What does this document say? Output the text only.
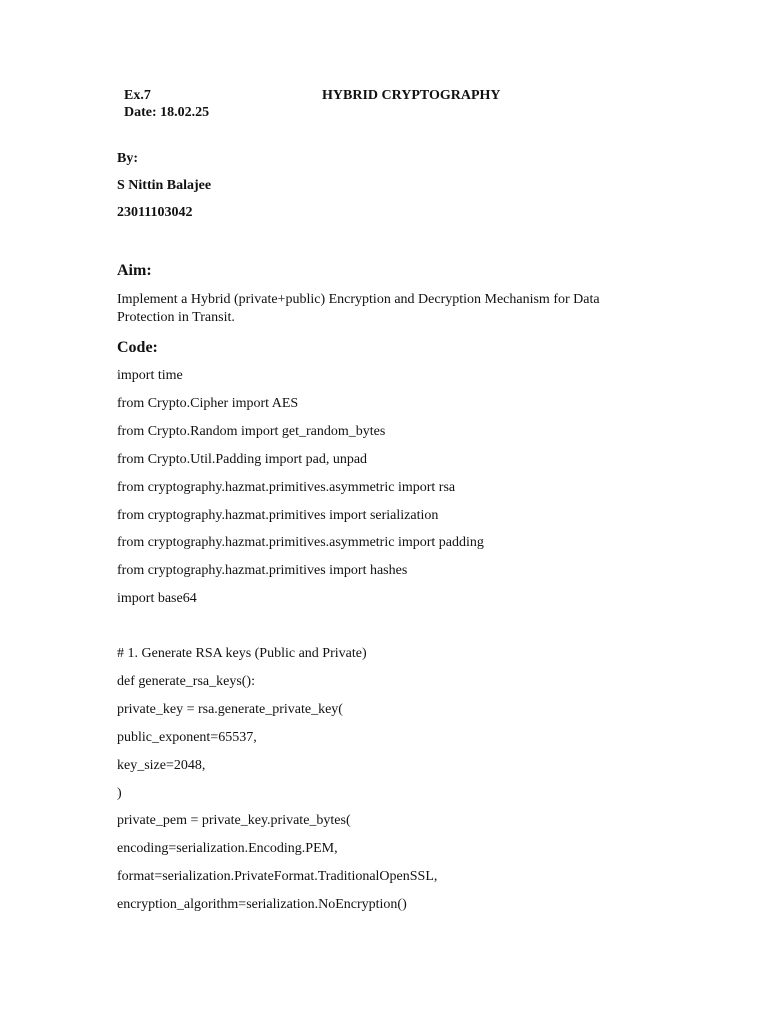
Ex.7
Date: 18.02.25
HYBRID CRYPTOGRAPHY
By:
S Nittin Balajee
23011103042
Aim:
Implement a Hybrid (private+public) Encryption and Decryption Mechanism for Data Protection in Transit.
Code:
import time
from Crypto.Cipher import AES
from Crypto.Random import get_random_bytes
from Crypto.Util.Padding import pad, unpad
from cryptography.hazmat.primitives.asymmetric import rsa
from cryptography.hazmat.primitives import serialization
from cryptography.hazmat.primitives.asymmetric import padding
from cryptography.hazmat.primitives import hashes
import base64
# 1. Generate RSA keys (Public and Private)
def generate_rsa_keys():
private_key = rsa.generate_private_key(
public_exponent=65537,
key_size=2048,
)
private_pem = private_key.private_bytes(
encoding=serialization.Encoding.PEM,
format=serialization.PrivateFormat.TraditionalOpenSSL,
encryption_algorithm=serialization.NoEncryption()
